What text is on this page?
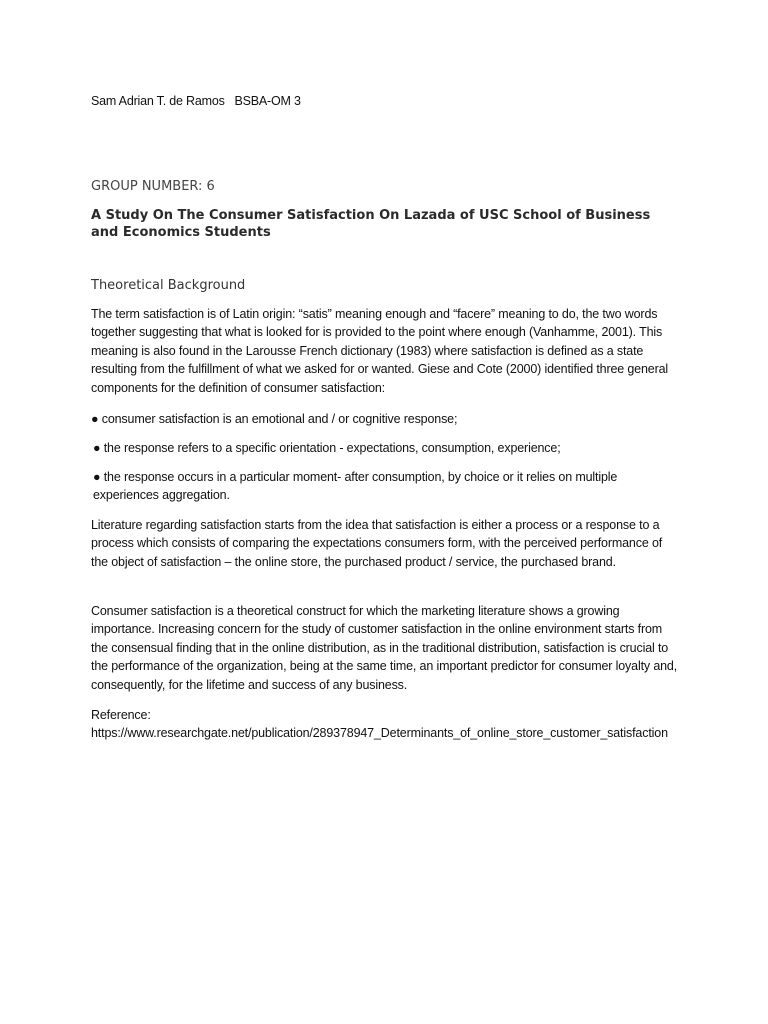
Sam Adrian T. de Ramos   BSBA-OM 3
GROUP NUMBER: 6
A Study On The Consumer Satisfaction On Lazada of USC School of Business and Economics Students
Theoretical Background

The term satisfaction is of Latin origin: “satis” meaning enough and “facere” meaning to do, the two words together suggesting that what is looked for is provided to the point where enough (Vanhamme, 2001). This meaning is also found in the Larousse French dictionary (1983) where satisfaction is defined as a state resulting from the fulfillment of what we asked for or wanted. Giese and Cote (2000) identified three general components for the definition of consumer satisfaction:

● consumer satisfaction is an emotional and / or cognitive response;

● the response refers to a specific orientation - expectations, consumption, experience;

● the response occurs in a particular moment- after consumption, by choice or it relies on multiple experiences aggregation.

Literature regarding satisfaction starts from the idea that satisfaction is either a process or a response to a process which consists of comparing the expectations consumers form, with the perceived performance of the object of satisfaction – the online store, the purchased product / service, the purchased brand.

Consumer satisfaction is a theoretical construct for which the marketing literature shows a growing importance. Increasing concern for the study of customer satisfaction in the online environment starts from the consensual finding that in the online distribution, as in the traditional distribution, satisfaction is crucial to the performance of the organization, being at the same time, an important predictor for consumer loyalty and, consequently, for the lifetime and success of any business.

Reference:
https://www.researchgate.net/publication/289378947_Determinants_of_online_store_customer_satisfaction
